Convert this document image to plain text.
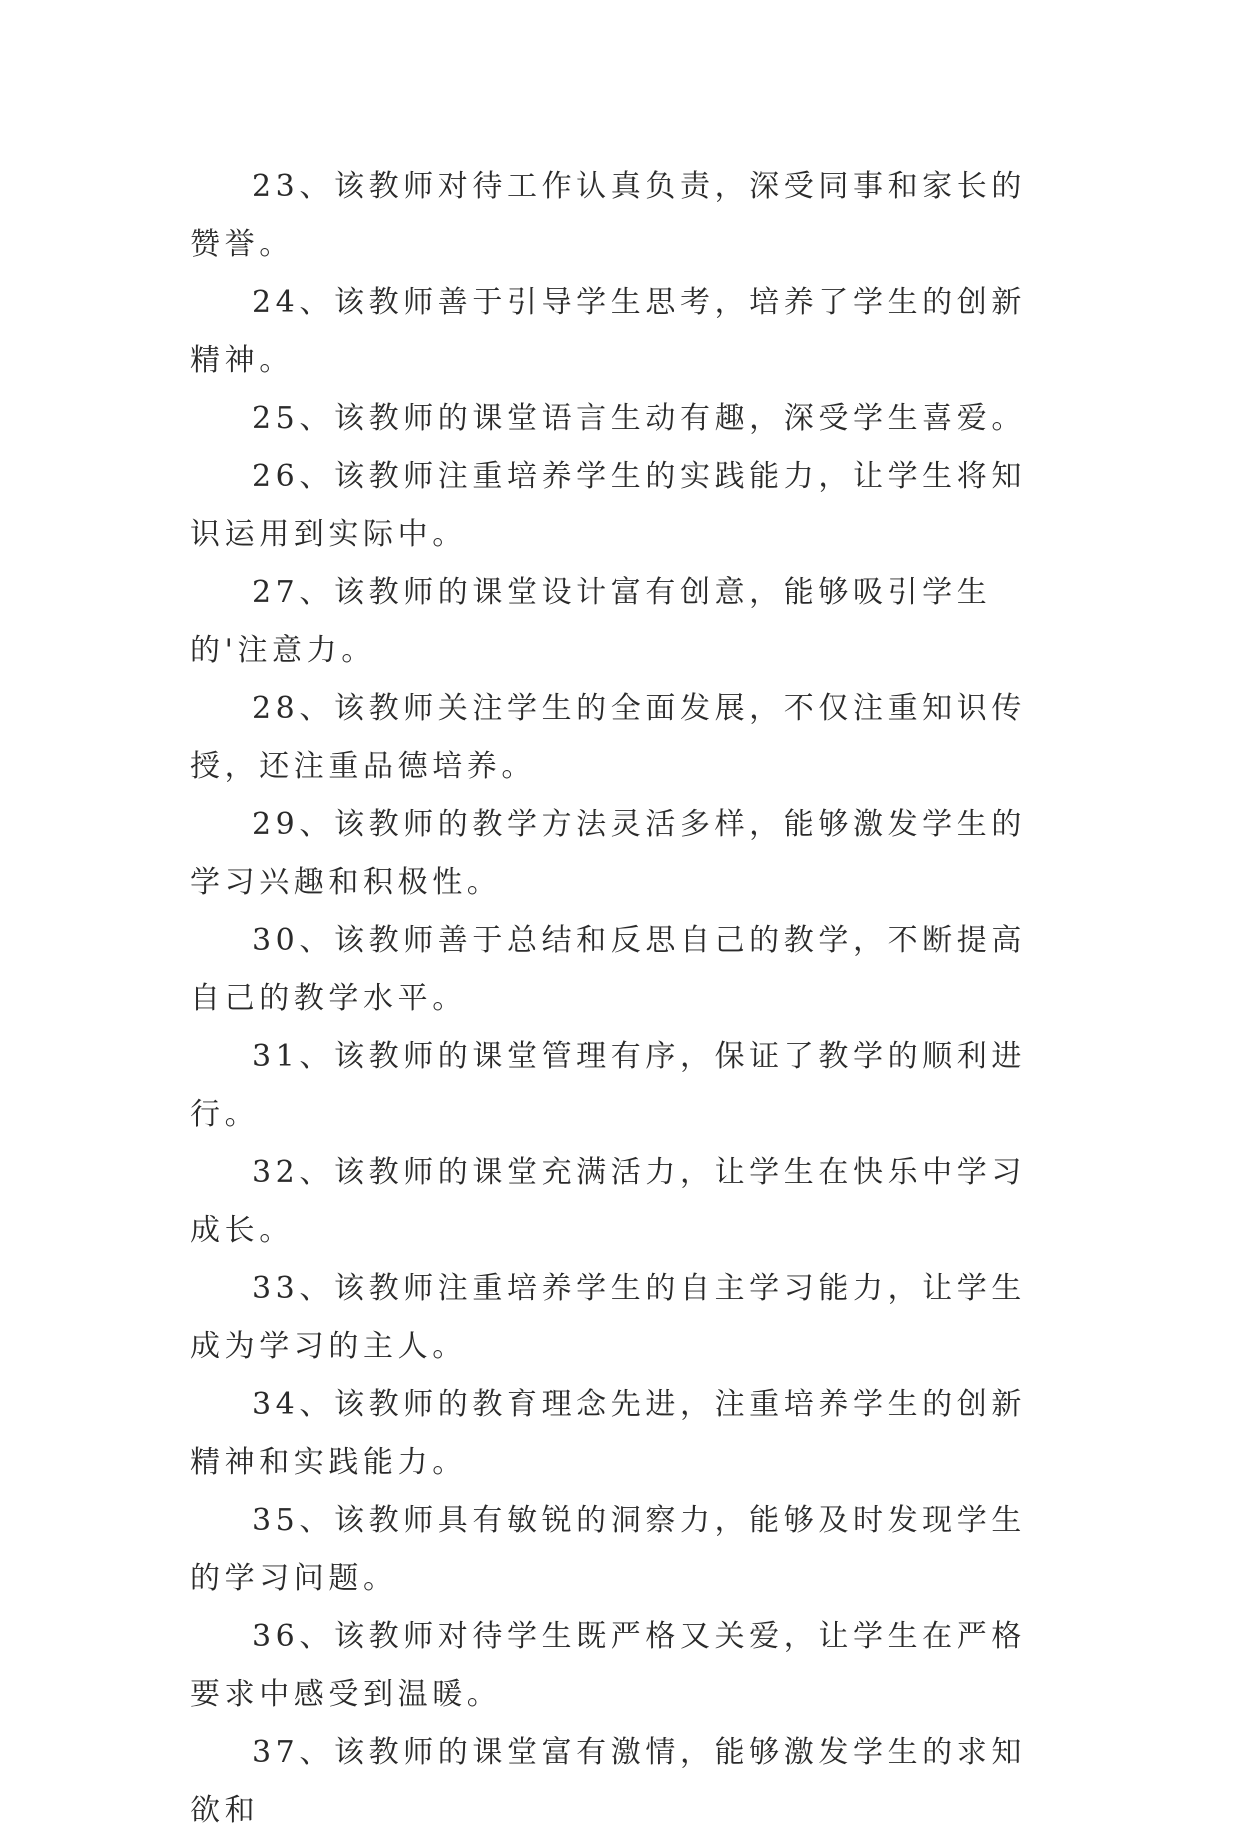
23、该教师对待工作认真负责，深受同事和家长的赞誉。

24、该教师善于引导学生思考，培养了学生的创新精神。

25、该教师的课堂语言生动有趣，深受学生喜爱。

26、该教师注重培养学生的实践能力，让学生将知识运用到实际中。

27、该教师的课堂设计富有创意，能够吸引学生的'注意力。

28、该教师关注学生的全面发展，不仅注重知识传授，还注重品德培养。

29、该教师的教学方法灵活多样，能够激发学生的学习兴趣和积极性。

30、该教师善于总结和反思自己的教学，不断提高自己的教学水平。

31、该教师的课堂管理有序，保证了教学的顺利进行。

32、该教师的课堂充满活力，让学生在快乐中学习成长。

33、该教师注重培养学生的自主学习能力，让学生成为学习的主人。

34、该教师的教育理念先进，注重培养学生的创新精神和实践能力。

35、该教师具有敏锐的洞察力，能够及时发现学生的学习问题。

36、该教师对待学生既严格又关爱，让学生在严格要求中感受到温暖。

37、该教师的课堂富有激情，能够激发学生的求知欲和
